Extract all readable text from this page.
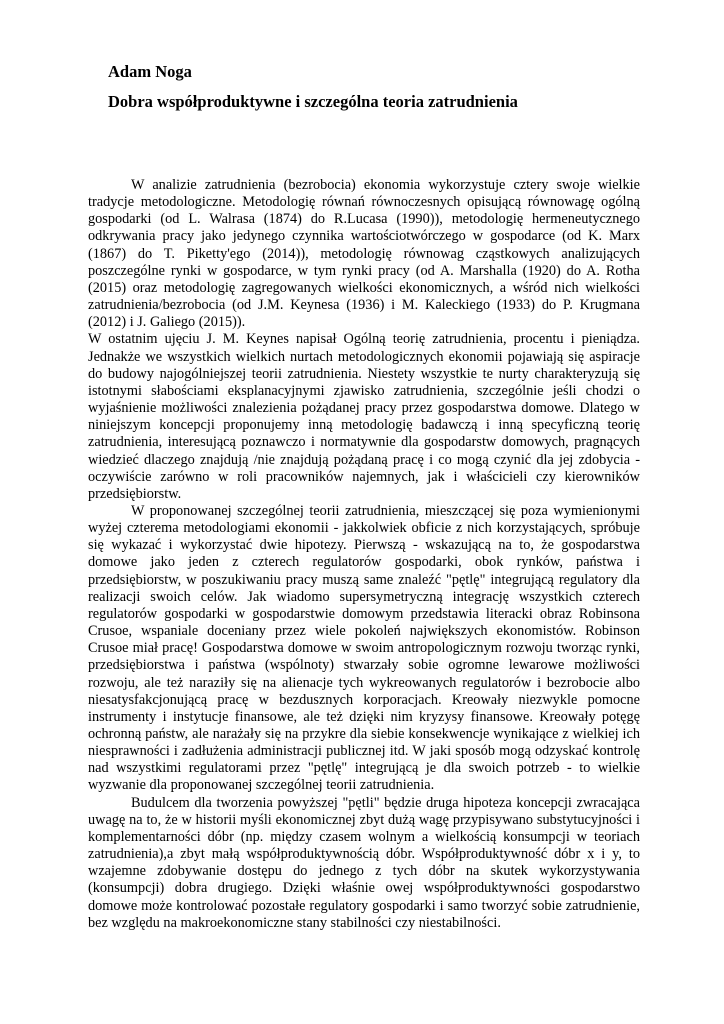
Adam Noga
Dobra współproduktywne i szczególna teoria zatrudnienia

W analizie zatrudnienia (bezrobocia) ekonomia wykorzystuje cztery swoje wielkie tradycje metodologiczne. Metodologię równań równoczesnych opisującą równowagę ogólną gospodarki (od L. Walrasa (1874) do R.Lucasa (1990)), metodologię hermeneutycznego odkrywania pracy jako jedynego czynnika wartościotwórczego w gospodarce (od K. Marx (1867) do T. Piketty'ego (2014)), metodologię równowag cząstkowych analizujących poszczególne rynki w gospodarce, w tym rynki pracy (od A. Marshalla (1920) do A. Rotha (2015) oraz metodologię zagregowanych wielkości ekonomicznych, a wśród nich wielkości zatrudnienia/bezrobocia (od J.M. Keynesa (1936) i M. Kaleckiego (1933) do P. Krugmana (2012) i J. Galiego (2015)).

W ostatnim ujęciu J. M. Keynes napisał Ogólną teorię zatrudnienia, procentu i pieniądza. Jednakże we wszystkich wielkich nurtach metodologicznych ekonomii pojawiają się aspiracje do budowy najogólniejszej teorii zatrudnienia. Niestety wszystkie te nurty charakteryzują się istotnymi słabościami eksplanacyjnymi zjawisko zatrudnienia, szczególnie jeśli chodzi o wyjaśnienie możliwości znalezienia pożądanej pracy przez gospodarstwa domowe. Dlatego w niniejszym koncepcji proponujemy inną metodologię badawczą i inną specyficzną teorię zatrudnienia, interesującą poznawczo i normatywnie dla gospodarstw domowych, pragnących wiedzieć dlaczego znajdują /nie znajdują pożądaną pracę i co mogą czynić dla jej zdobycia - oczywiście zarówno w roli pracowników najemnych, jak i właścicieli czy kierowników przedsiębiorstw.

W proponowanej szczególnej teorii zatrudnienia, mieszczącej się poza wymienionymi wyżej czterema metodologiami ekonomii - jakkolwiek obficie z nich korzystających, spróbuje się wykazać i wykorzystać dwie hipotezy. Pierwszą - wskazującą na to, że gospodarstwa domowe jako jeden z czterech regulatorów gospodarki, obok rynków, państwa i przedsiębiorstw, w poszukiwaniu pracy muszą same znaleźć "pętlę" integrującą regulatory dla realizacji swoich celów. Jak wiadomo supersymetryczną integrację wszystkich czterech regulatorów gospodarki w gospodarstwie domowym przedstawia literacki obraz Robinsona Crusoe, wspaniale doceniany przez wiele pokoleń największych ekonomistów. Robinson Crusoe miał pracę! Gospodarstwa domowe w swoim antropologicznym rozwoju tworząc rynki, przedsiębiorstwa i państwa (wspólnoty) stwarzały sobie ogromne lewarowe możliwości rozwoju, ale też naraziły się na alienacje tych wykreowanych regulatorów i bezrobocie albo niesatysfakcjonującą pracę w bezdusznych korporacjach. Kreowały niezwykle pomocne instrumenty i instytucje finansowe, ale też dzięki nim kryzysy finansowe. Kreowały potęgę ochronną państw, ale narażały się na przykre dla siebie konsekwencje wynikające z wielkiej ich niesprawności i zadłużenia administracji publicznej itd. W jaki sposób mogą odzyskać kontrolę nad wszystkimi regulatorami przez "pętlę" integrującą je dla swoich potrzeb - to wielkie wyzwanie dla proponowanej szczególnej teorii zatrudnienia.

Budulcem dla tworzenia powyższej "pętli" będzie druga hipoteza koncepcji zwracająca uwagę na to, że w historii myśli ekonomicznej zbyt dużą wagę przypisywano substytucyjności i komplementarności dóbr (np. między czasem wolnym a wielkością konsumpcji w teoriach zatrudnienia),a zbyt małą współproduktywnością dóbr. Współproduktywność dóbr x i y, to wzajemne zdobywanie dostępu do jednego z tych dóbr na skutek wykorzystywania (konsumpcji) dobra drugiego. Dzięki właśnie owej współproduktywności gospodarstwo domowe może kontrolować pozostałe regulatory gospodarki i samo tworzyć sobie zatrudnienie, bez względu na makroekonomiczne stany stabilności czy niestabilności.
